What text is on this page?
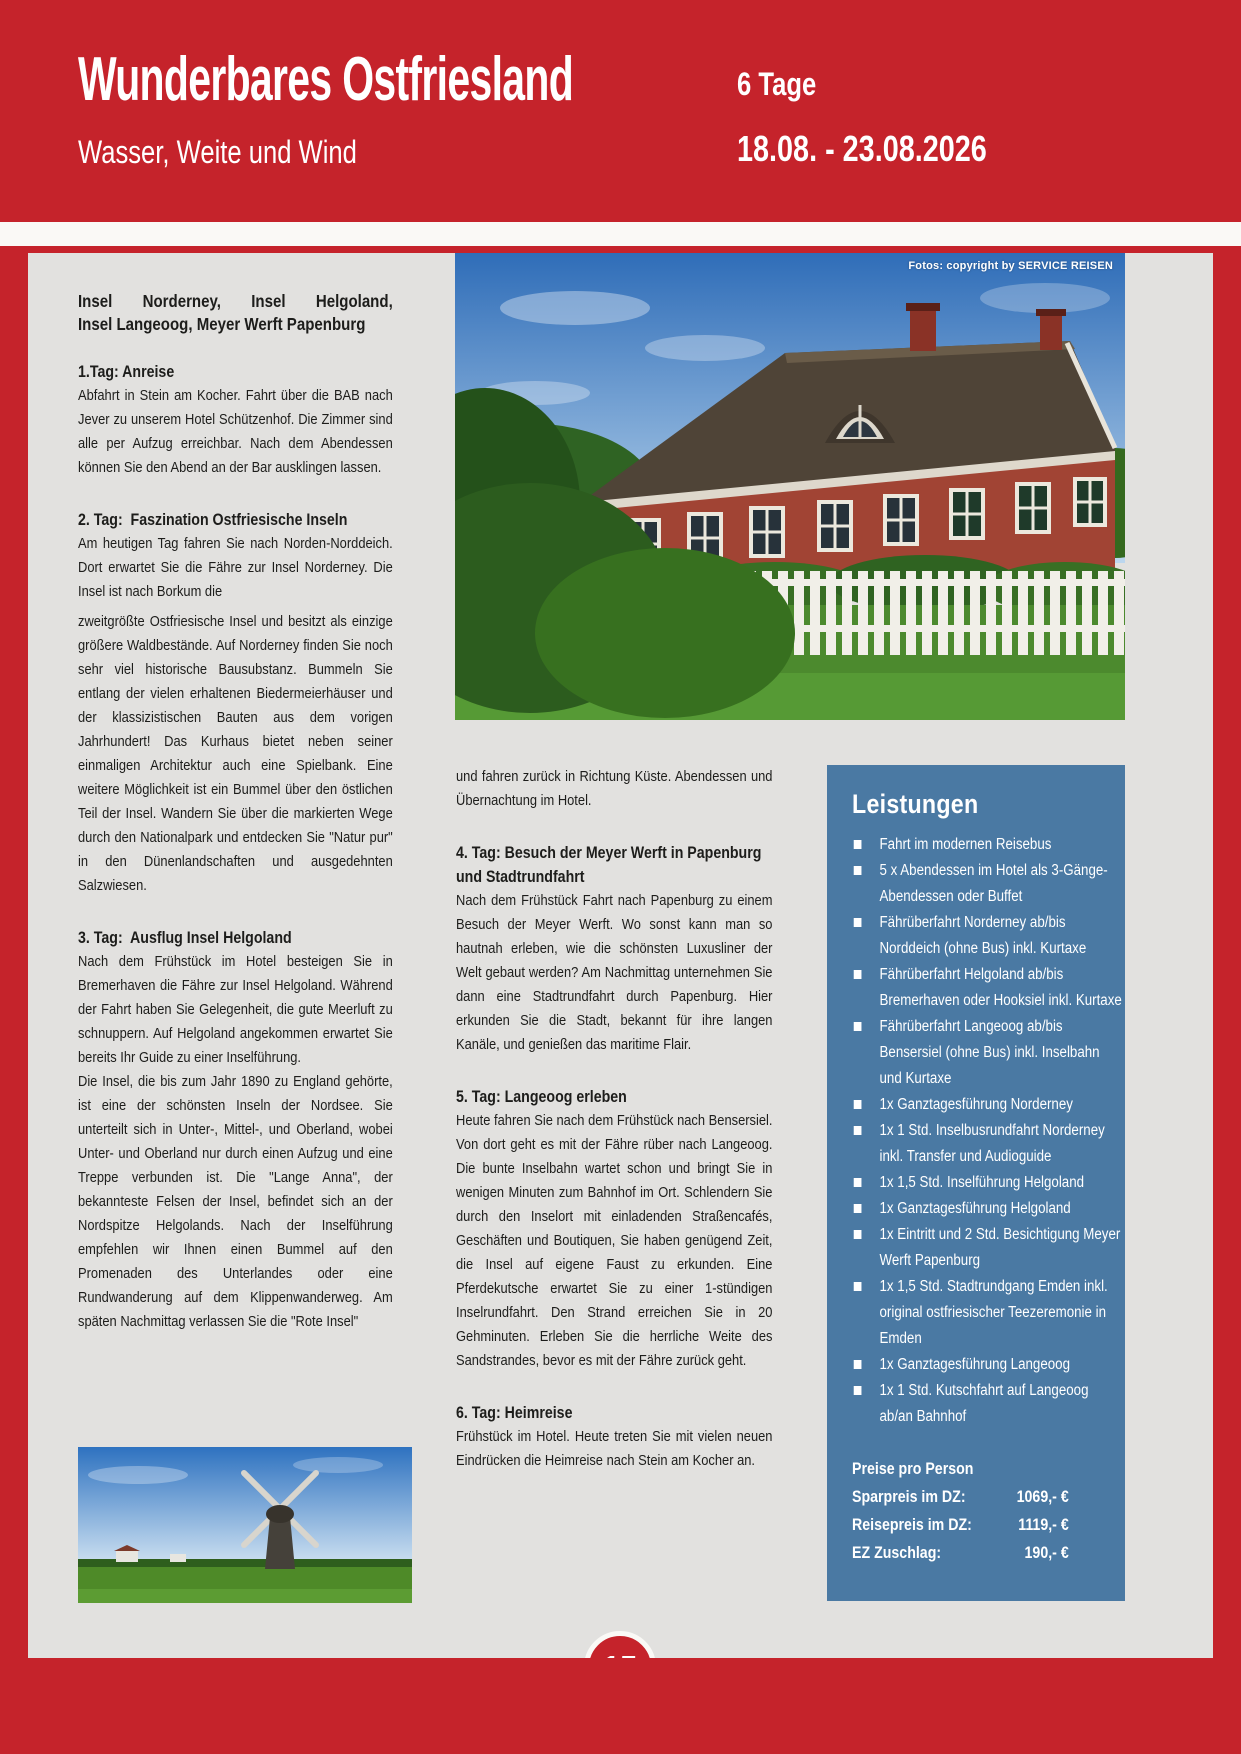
Wunderbares Ostfriesland
Wasser, Weite und Wind
6 Tage
18.08. - 23.08.2026
Fotos: copyright by SERVICE REISEN
Insel Norderney, Insel Helgoland,
Insel Langeoog, Meyer Werft Papenburg
1.Tag: Anreise

Abfahrt in Stein am Kocher. Fahrt über die BAB nach Jever zu unserem Hotel Schützenhof. Die Zimmer sind alle per Aufzug erreichbar. Nach dem Abendessen können Sie den Abend an der Bar ausklingen lassen.

2. Tag:  Faszination Ostfriesische Inseln

Am heutigen Tag fahren Sie nach Norden-Norddeich. Dort erwartet Sie die Fähre zur Insel Norderney. Die Insel ist nach Borkum die

zweitgrößte Ostfriesische Insel und besitzt als einzige größere Waldbestände. Auf Norderney finden Sie noch sehr viel historische Bausubstanz. Bummeln Sie entlang der vielen erhaltenen Biedermeierhäuser und der klassizistischen Bauten aus dem vorigen Jahrhundert! Das Kurhaus bietet neben seiner einmaligen Architektur auch eine Spielbank. Eine weitere Möglichkeit ist ein Bummel über den östlichen Teil der Insel. Wandern Sie über die markierten Wege durch den Nationalpark und entdecken Sie "Natur pur" in den Dünenlandschaften und ausgedehnten Salzwiesen.

3. Tag:  Ausflug Insel Helgoland

Nach dem Frühstück im Hotel besteigen Sie in Bremerhaven die Fähre zur Insel Helgoland. Während der Fahrt haben Sie Gelegenheit, die gute Meerluft zu schnuppern. Auf Helgoland angekommen erwartet Sie bereits Ihr Guide zu einer Inselführung.

Die Insel, die bis zum Jahr 1890 zu England gehörte, ist eine der schönsten Inseln der Nordsee. Sie unterteilt sich in Unter-, Mittel-, und Oberland, wobei Unter- und Oberland nur durch einen Aufzug und eine Treppe verbunden ist. Die "Lange Anna", der bekannteste Felsen der Insel, befindet sich an der Nordspitze Helgolands. Nach der Inselführung empfehlen wir Ihnen einen Bummel auf den Promenaden des Unterlandes oder eine Rundwanderung auf dem Klippenwanderweg. Am späten Nachmittag verlassen Sie die "Rote Insel"

und fahren zurück in Richtung Küste. Abendessen und Übernachtung im Hotel.

4. Tag: Besuch der Meyer Werft in Papenburg und Stadtrundfahrt

Nach dem Frühstück Fahrt nach Papenburg zu einem Besuch der Meyer Werft. Wo sonst kann man so hautnah erleben, wie die schönsten Luxusliner der Welt gebaut werden? Am Nachmittag unternehmen Sie dann eine Stadtrundfahrt durch Papenburg. Hier erkunden Sie die Stadt, bekannt für ihre langen Kanäle, und genießen das maritime Flair.

5. Tag: Langeoog erleben

Heute fahren Sie nach dem Frühstück nach Bensersiel. Von dort geht es mit der Fähre rüber nach Langeoog. Die bunte Inselbahn wartet schon und bringt Sie in wenigen Minuten zum Bahnhof im Ort. Schlendern Sie durch den Inselort mit einladenden Straßencafés, Geschäften und Boutiquen, Sie haben genügend Zeit, die Insel auf eigene Faust zu erkunden. Eine Pferdekutsche erwartet Sie zu einer 1-stündigen Inselrundfahrt. Den Strand erreichen Sie in 20 Gehminuten. Erleben Sie die herrliche Weite des Sandstrandes, bevor es mit der Fähre zurück geht.

6. Tag: Heimreise

Frühstück im Hotel. Heute treten Sie mit vielen neuen Eindrücken die Heimreise nach Stein am Kocher an.

Leistungen
Fahrt im modernen Reisebus
5 x Abendessen im Hotel als 3-Gänge-Abendessen oder Buffet
Fährüberfahrt Norderney ab/bis Norddeich (ohne Bus) inkl. Kurtaxe
Fährüberfahrt Helgoland ab/bis Bremerhaven oder Hooksiel inkl. Kurtaxe
Fährüberfahrt Langeoog ab/bis Bensersiel (ohne Bus) inkl. Inselbahn und Kurtaxe
1x Ganztagesführung Norderney
1x 1 Std. Inselbusrundfahrt Norderney inkl. Transfer und Audioguide
1x 1,5 Std. Inselführung Helgoland
1x Ganztagesführung Helgoland
1x Eintritt und 2 Std. Besichtigung Meyer Werft Papenburg
1x 1,5 Std. Stadtrundgang Emden inkl. original ostfriesischer Teezeremonie in Emden
1x Ganztagesführung Langeoog
1x 1 Std. Kutschfahrt auf Langeoog ab/an Bahnhof
Preise pro Person
Sparpreis im DZ:	1069,- €
Reisepreis im DZ:	1119,- €
EZ Zuschlag:	190,- €
